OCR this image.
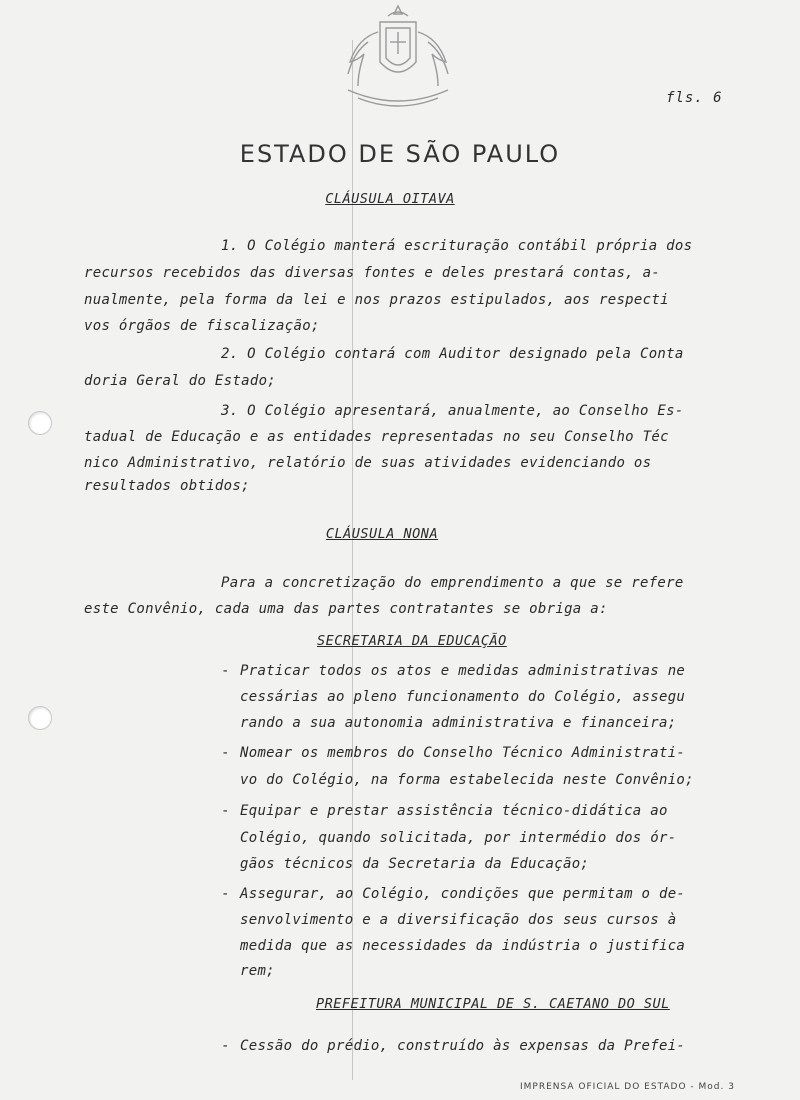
fls. 6
ESTADO DE SÃO PAULO
CLÁUSULA OITAVA
1. O Colégio manterá escrituração contábil própria dos
recursos recebidos das diversas fontes e deles prestará contas, a-
nualmente, pela forma da lei e nos prazos estipulados, aos respecti
vos órgãos de fiscalização;
2. O Colégio contará com Auditor designado pela Conta
doria Geral do Estado;
3. O Colégio apresentará, anualmente, ao Conselho Es-
tadual de Educação e as entidades representadas no seu Conselho Téc
nico Administrativo, relatório de suas atividades evidenciando os
resultados obtidos;
CLÁUSULA NONA
Para a concretização do emprendimento a que se refere
este Convênio, cada uma das partes contratantes se obriga a:
SECRETARIA DA EDUCAÇÃO
- Praticar todos os atos e medidas administrativas ne
cessárias ao pleno funcionamento do Colégio, assegu
rando a sua autonomia administrativa e financeira;
- Nomear os membros do Conselho Técnico Administrati-
vo do Colégio, na forma estabelecida neste Convênio;
- Equipar e prestar assistência técnico-didática ao
Colégio, quando solicitada, por intermédio dos ór-
gãos técnicos da Secretaria da Educação;
- Assegurar, ao Colégio, condições que permitam o de-
senvolvimento e a diversificação dos seus cursos à
medida que as necessidades da indústria o justifica
rem;
PREFEITURA MUNICIPAL DE S. CAETANO DO SUL
- Cessão do prédio, construído às expensas da Prefei-
IMPRENSA OFICIAL DO ESTADO - Mod. 3
